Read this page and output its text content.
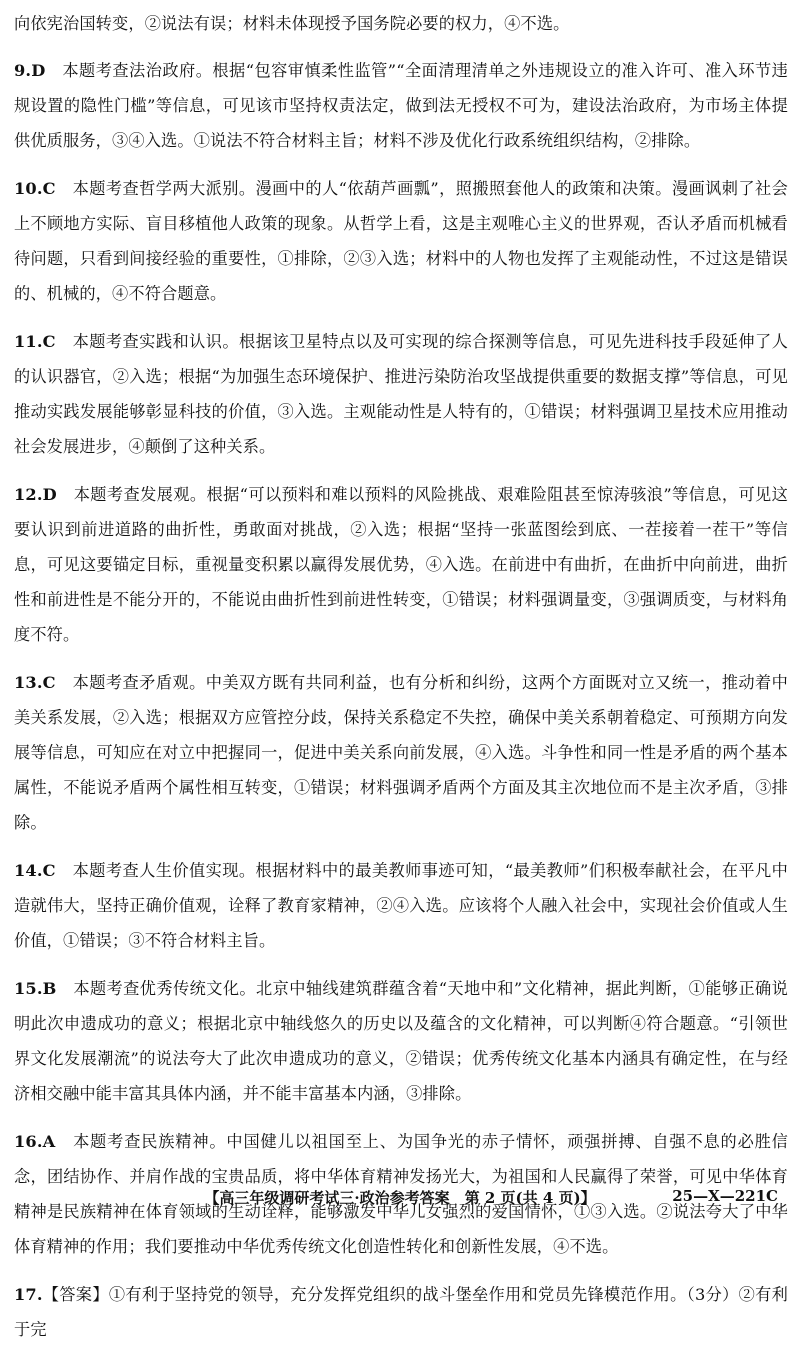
向依宪治国转变，②说法有误；材料未体现授予国务院必要的权力，④不选。

9.D　 本题考查法治政府。根据“包容审慎柔性监管”“全面清理清单之外违规设立的准入许可、准入环节违规设置的隐性门槛”等信息，可见该市坚持权责法定，做到法无授权不可为，建设法治政府，为市场主体提供优质服务，③④入选。①说法不符合材料主旨；材料不涉及优化行政系统组织结构，②排除。

10.C　 本题考查哲学两大派别。漫画中的人“依葫芦画瓢”，照搬照套他人的政策和决策。漫画讽刺了社会上不顾地方实际、盲目移植他人政策的现象。从哲学上看，这是主观唯心主义的世界观，否认矛盾而机械看待问题，只看到间接经验的重要性，①排除，②③入选；材料中的人物也发挥了主观能动性，不过这是错误的、机械的，④不符合题意。

11.C　 本题考查实践和认识。根据该卫星特点以及可实现的综合探测等信息，可见先进科技手段延伸了人的认识器官，②入选；根据“为加强生态环境保护、推进污染防治攻坚战提供重要的数据支撑”等信息，可见推动实践发展能够彰显科技的价值，③入选。主观能动性是人特有的，①错误；材料强调卫星技术应用推动社会发展进步，④颠倒了这种关系。

12.D　 本题考查发展观。根据“可以预料和难以预料的风险挑战、艰难险阻甚至惊涛骇浪”等信息，可见这要认识到前进道路的曲折性，勇敢面对挑战，②入选；根据“坚持一张蓝图绘到底、一茬接着一茬干”等信息，可见这要锚定目标，重视量变积累以赢得发展优势，④入选。在前进中有曲折，在曲折中向前进，曲折性和前进性是不能分开的，不能说由曲折性到前进性转变，①错误；材料强调量变，③强调质变，与材料角度不符。

13.C　 本题考查矛盾观。中美双方既有共同利益，也有分析和纠纷，这两个方面既对立又统一，推动着中美关系发展，②入选；根据双方应管控分歧，保持关系稳定不失控，确保中美关系朝着稳定、可预期方向发展等信息，可知应在对立中把握同一，促进中美关系向前发展，④入选。斗争性和同一性是矛盾的两个基本属性，不能说矛盾两个属性相互转变，①错误；材料强调矛盾两个方面及其主次地位而不是主次矛盾，③排除。

14.C　 本题考查人生价值实现。根据材料中的最美教师事迹可知，“最美教师”们积极奉献社会，在平凡中造就伟大，坚持正确价值观，诠释了教育家精神，②④入选。应该将个人融入社会中，实现社会价值或人生价值，①错误；③不符合材料主旨。

15.B　 本题考查优秀传统文化。北京中轴线建筑群蕴含着“天地中和”文化精神，据此判断，①能够正确说明此次申遗成功的意义；根据北京中轴线悠久的历史以及蕴含的文化精神，可以判断④符合题意。“引领世界文化发展潮流”的说法夸大了此次申遗成功的意义，②错误；优秀传统文化基本内涵具有确定性，在与经济相交融中能丰富其具体内涵，并不能丰富基本内涵，③排除。

16.A　 本题考查民族精神。中国健儿以祖国至上、为国争光的赤子情怀，顽强拼搏、自强不息的必胜信念，团结协作、并肩作战的宝贵品质，将中华体育精神发扬光大，为祖国和人民赢得了荣誉，可见中华体育精神是民族精神在体育领域的生动诠释，能够激发中华儿女强烈的爱国情怀，①③入选。②说法夸大了中华体育精神的作用；我们要推动中华优秀传统文化创造性转化和创新性发展，④不选。

17.【答案】①有利于坚持党的领导，充分发挥党组织的战斗堡垒作用和党员先锋模范作用。（3分）②有利于完

【高三年级调研考试三·政治参考答案　第 2 页(共 4 页)】	25—X—221C
